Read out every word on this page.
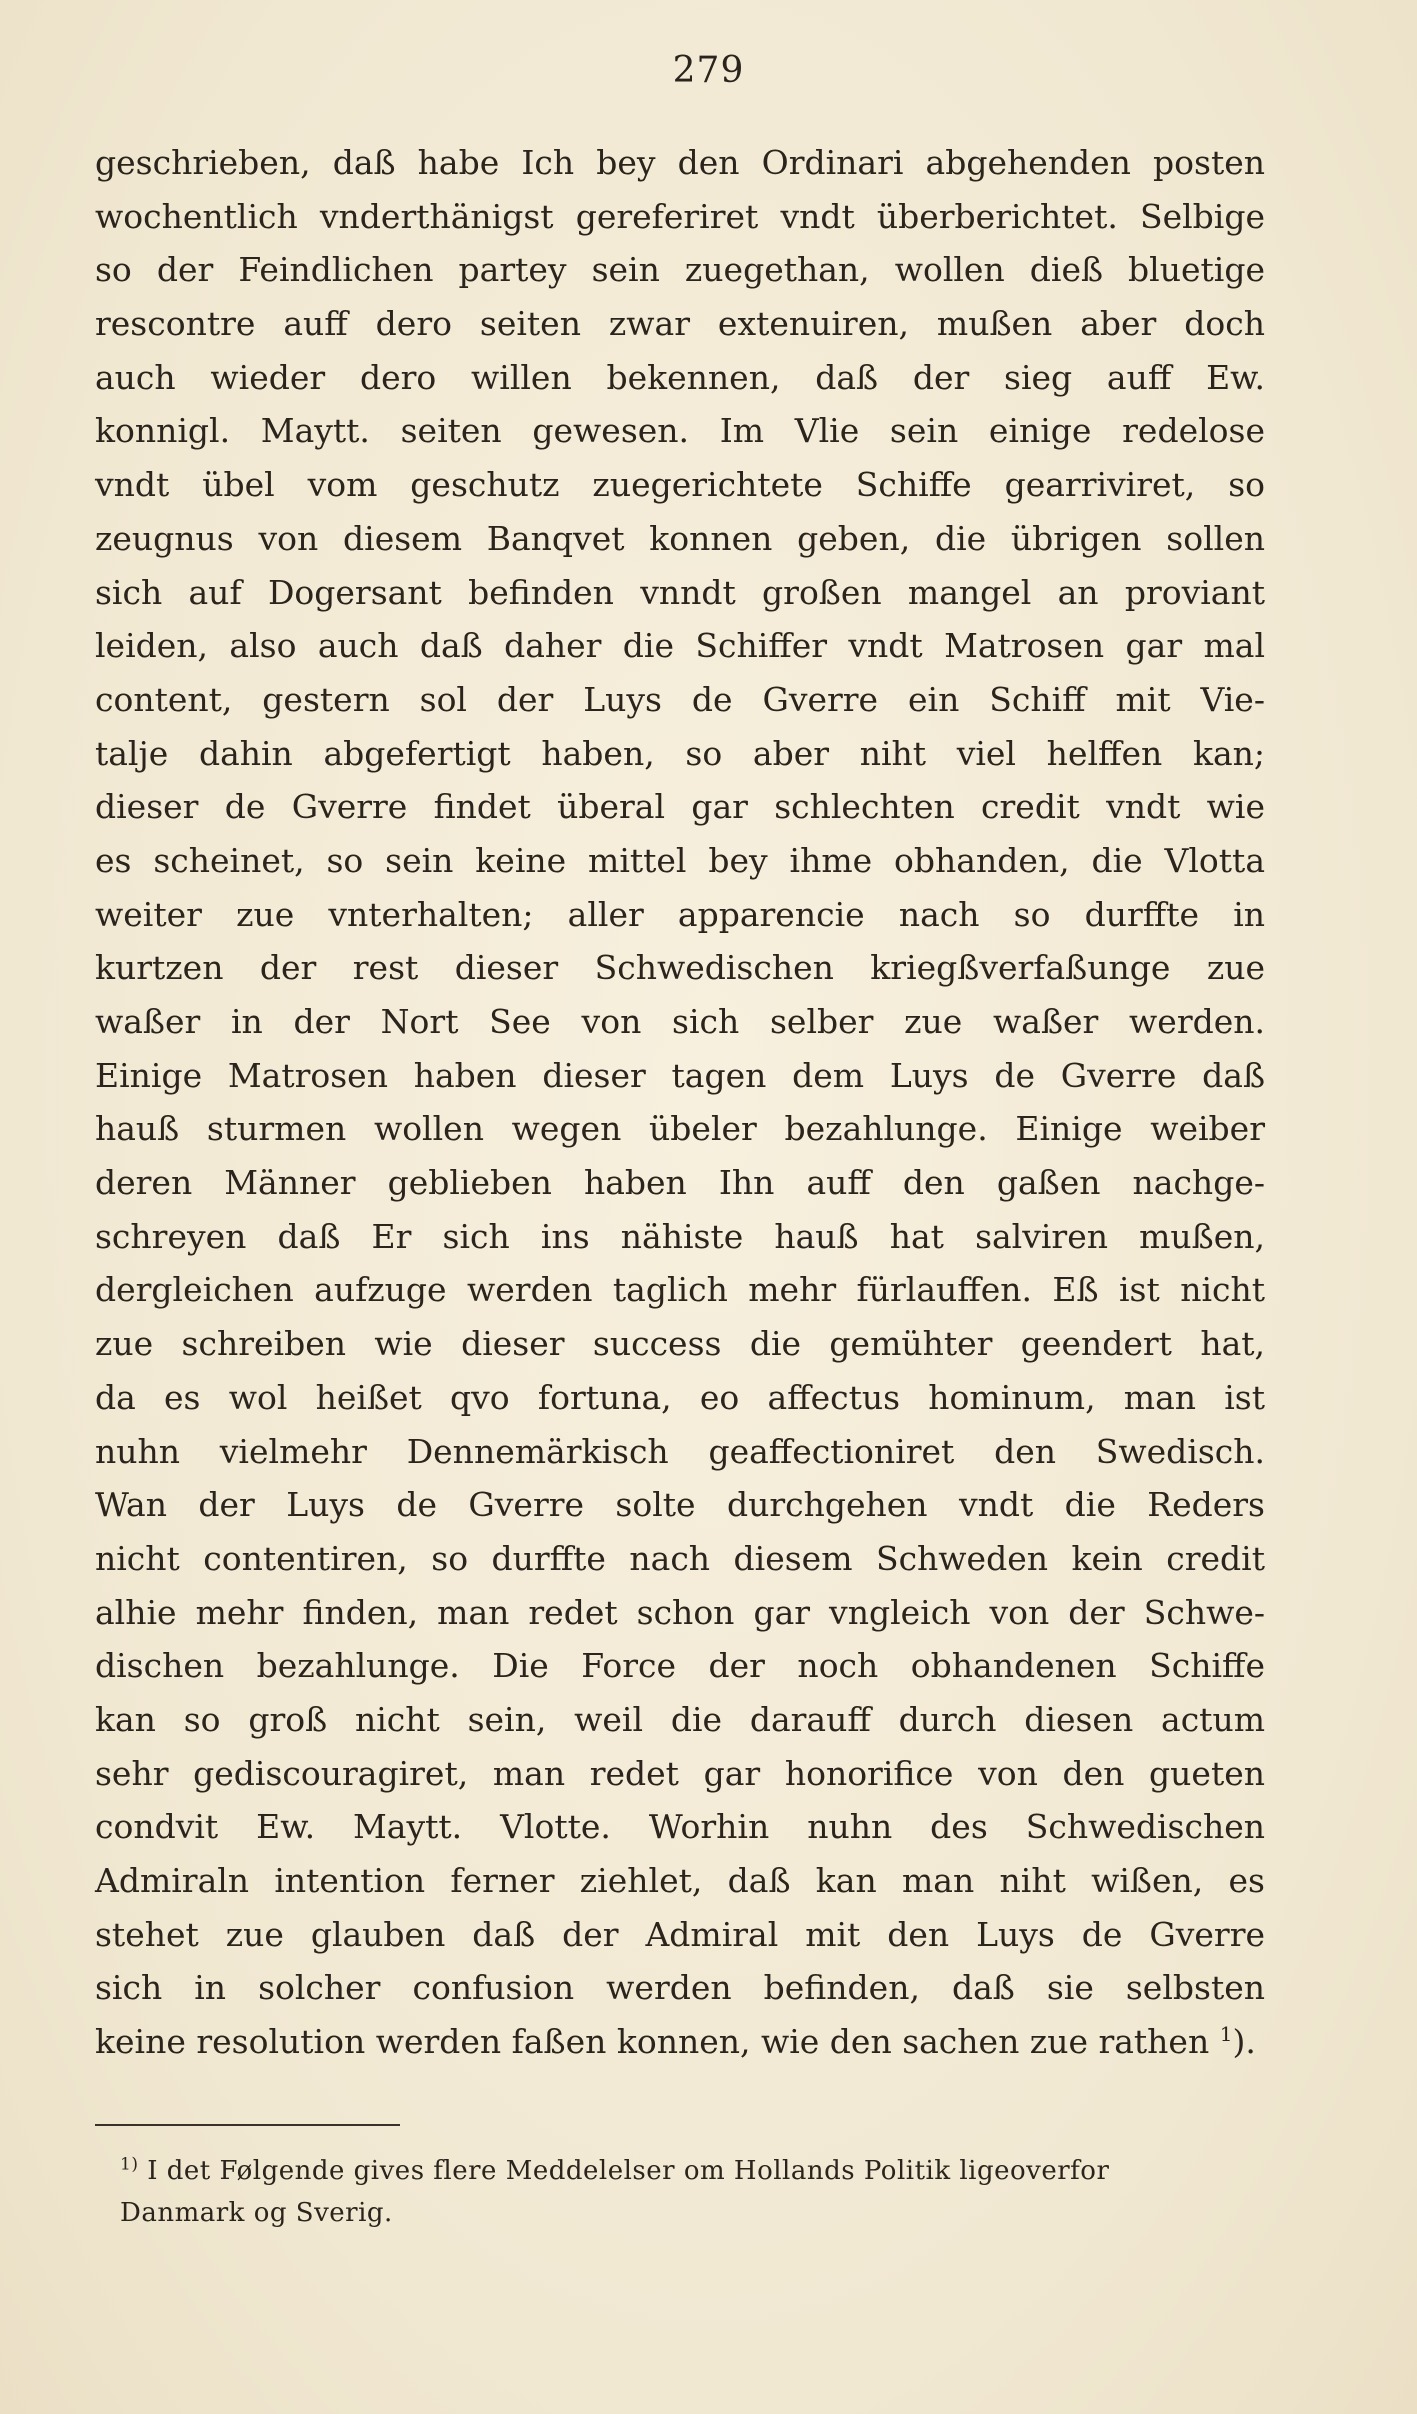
279
geschrieben, daß habe Ich bey den Ordinari abgehenden posten
wochentlich vnderthänigst gereferiret vndt überberichtet. Selbige
so der Feindlichen partey sein zuegethan, wollen dieß bluetige
rescontre auff dero seiten zwar extenuiren, mußen aber doch
auch wieder dero willen bekennen, daß der sieg auff Ew.
konnigl. Maytt. seiten gewesen. Im Vlie sein einige redelose
vndt übel vom geschutz zuegerichtete Schiffe gearriviret, so
zeugnus von diesem Banqvet konnen geben, die übrigen sollen
sich auf Dogersant befinden vnndt großen mangel an proviant
leiden, also auch daß daher die Schiffer vndt Matrosen gar mal
content, gestern sol der Luys de Gverre ein Schiff mit Vie-
talje dahin abgefertigt haben, so aber niht viel helffen kan;
dieser de Gverre findet überal gar schlechten credit vndt wie
es scheinet, so sein keine mittel bey ihme obhanden, die Vlotta
weiter zue vnterhalten; aller apparencie nach so durffte in
kurtzen der rest dieser Schwedischen kriegßverfaßunge zue
waßer in der Nort See von sich selber zue waßer werden.
Einige Matrosen haben dieser tagen dem Luys de Gverre daß
hauß sturmen wollen wegen übeler bezahlunge. Einige weiber
deren Männer geblieben haben Ihn auff den gaßen nachge-
schreyen daß Er sich ins nähiste hauß hat salviren mußen,
dergleichen aufzuge werden taglich mehr fürlauffen. Eß ist nicht
zue schreiben wie dieser success die gemühter geendert hat,
da es wol heißet qvo fortuna, eo affectus hominum, man ist
nuhn vielmehr Dennemärkisch geaffectioniret den Swedisch.
Wan der Luys de Gverre solte durchgehen vndt die Reders
nicht contentiren, so durffte nach diesem Schweden kein credit
alhie mehr finden, man redet schon gar vngleich von der Schwe-
dischen bezahlunge. Die Force der noch obhandenen Schiffe
kan so groß nicht sein, weil die darauff durch diesen actum
sehr gediscouragiret, man redet gar honorifice von den gueten
condvit Ew. Maytt. Vlotte. Worhin nuhn des Schwedischen
Admiraln intention ferner ziehlet, daß kan man niht wißen, es
stehet zue glauben daß der Admiral mit den Luys de Gverre
sich in solcher confusion werden befinden, daß sie selbsten
keine resolution werden faßen konnen, wie den sachen zue rathen $^1$).
$^{1)}$ I det Følgende gives flere Meddelelser om Hollands Politik ligeoverfor
Danmark og Sverig.
